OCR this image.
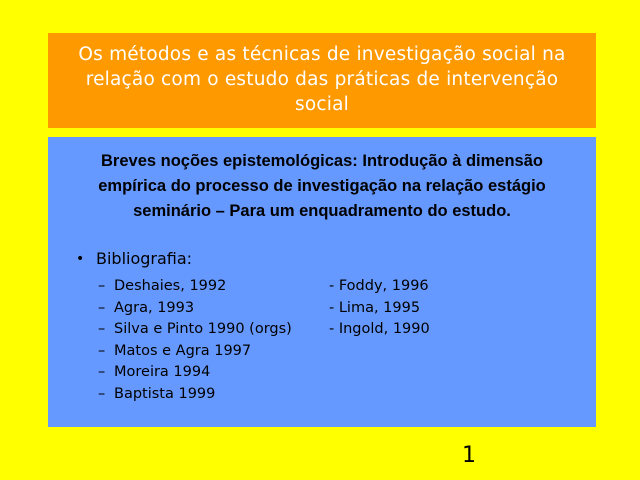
Os métodos e as técnicas de investigação social na relação com o estudo das práticas de intervenção social
Breves noções epistemológicas: Introdução à dimensão empírica do processo de investigação na relação estágio seminário – Para um enquadramento do estudo.
• Bibliografia:
– Deshaies, 1992	- Foddy, 1996
– Agra, 1993	- Lima, 1995
– Silva e Pinto 1990 (orgs)	- Ingold, 1990
– Matos e Agra 1997
– Moreira 1994
– Baptista 1999
1
